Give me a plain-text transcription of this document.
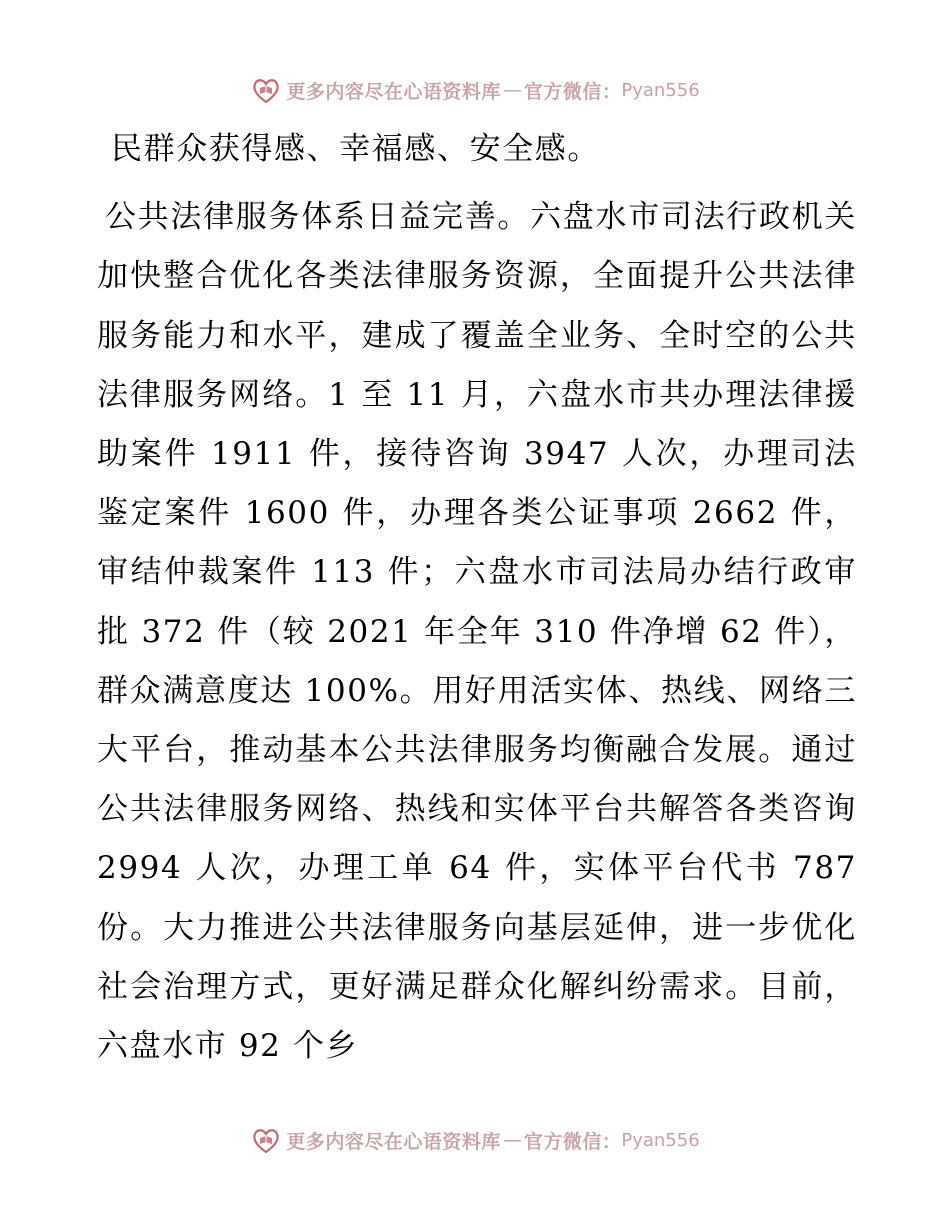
更多内容尽在心语资料库 — 官方微信： Pyan556

民群众获得感、幸福感、安全感。

公共法律服务体系日益完善。六盘水市司法行政机关加快整合优化各类法律服务资源，全面提升公共法律服务能力和水平，建成了覆盖全业务、全时空的公共法律服务网络。1 至 11 月，六盘水市共办理法律援助案件 1911 件，接待咨询 3947 人次，办理司法鉴定案件 1600 件，办理各类公证事项 2662 件，审结仲裁案件 113 件；六盘水市司法局办结行政审批 372 件（较 2021 年全年 310 件净增 62 件），群众满意度达 100%。用好用活实体、热线、网络三大平台，推动基本公共法律服务均衡融合发展。通过公共法律服务网络、热线和实体平台共解答各类咨询 2994 人次，办理工单 64 件，实体平台代书 787 份。大力推进公共法律服务向基层延伸，进一步优化社会治理方式，更好满足群众化解纠纷需求。目前，六盘水市 92 个乡

更多内容尽在心语资料库 — 官方微信： Pyan556
